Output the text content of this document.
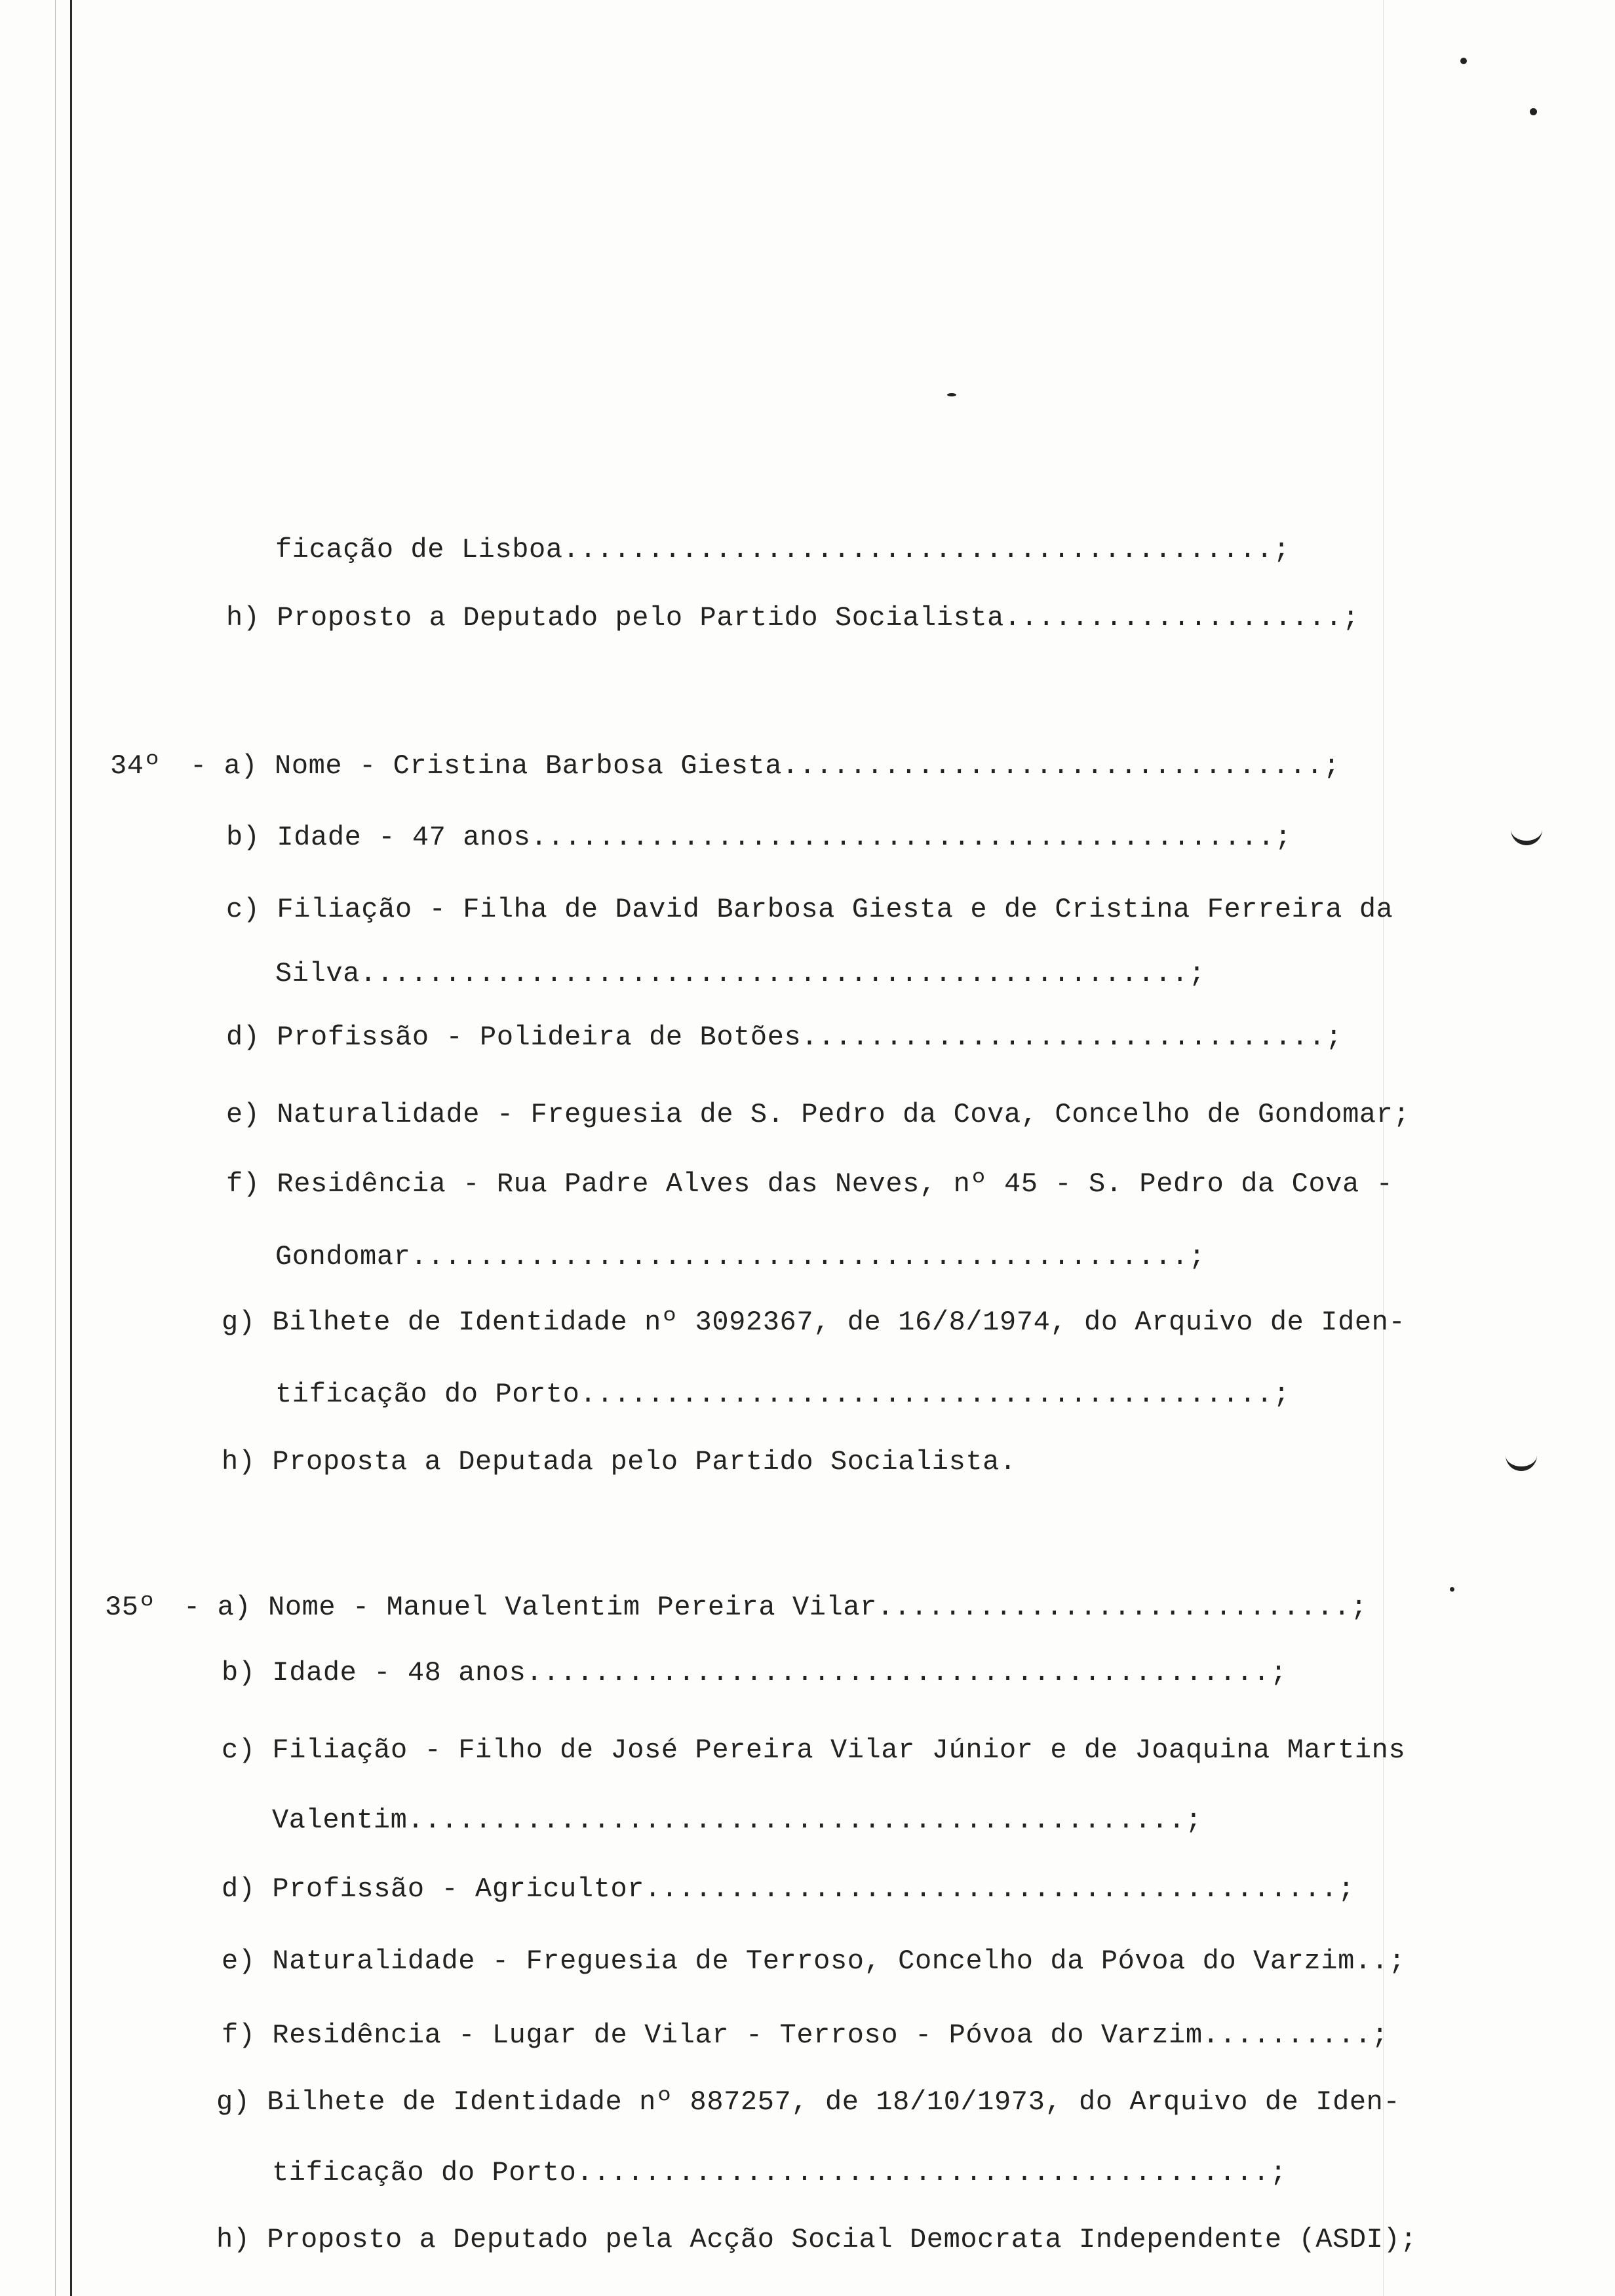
ficação de Lisboa..........................................;
h) Proposto a Deputado pelo Partido Socialista....................;
34º - a) Nome - Cristina Barbosa Giesta................................;
b) Idade - 47 anos............................................;
c) Filiação - Filha de David Barbosa Giesta e de Cristina Ferreira da
Silva.................................................;
d) Profissão - Polideira de Botões...............................;
e) Naturalidade - Freguesia de S. Pedro da Cova, Concelho de Gondomar;
f) Residência - Rua Padre Alves das Neves, nº 45 - S. Pedro da Cova -
Gondomar..............................................;
g) Bilhete de Identidade nº 3092367, de 16/8/1974, do Arquivo de Iden-
tificação do Porto.........................................;
h) Proposta a Deputada pelo Partido Socialista.
35º - a) Nome - Manuel Valentim Pereira Vilar............................;
b) Idade - 48 anos............................................;
c) Filiação - Filho de José Pereira Vilar Júnior e de Joaquina Martins
Valentim..............................................;
d) Profissão - Agricultor.........................................;
e) Naturalidade - Freguesia de Terroso, Concelho da Póvoa do Varzim..;
f) Residência - Lugar de Vilar - Terroso - Póvoa do Varzim..........;
g) Bilhete de Identidade nº 887257, de 18/10/1973, do Arquivo de Iden-
tificação do Porto.........................................;
h) Proposto a Deputado pela Acção Social Democrata Independente (ASDI);
